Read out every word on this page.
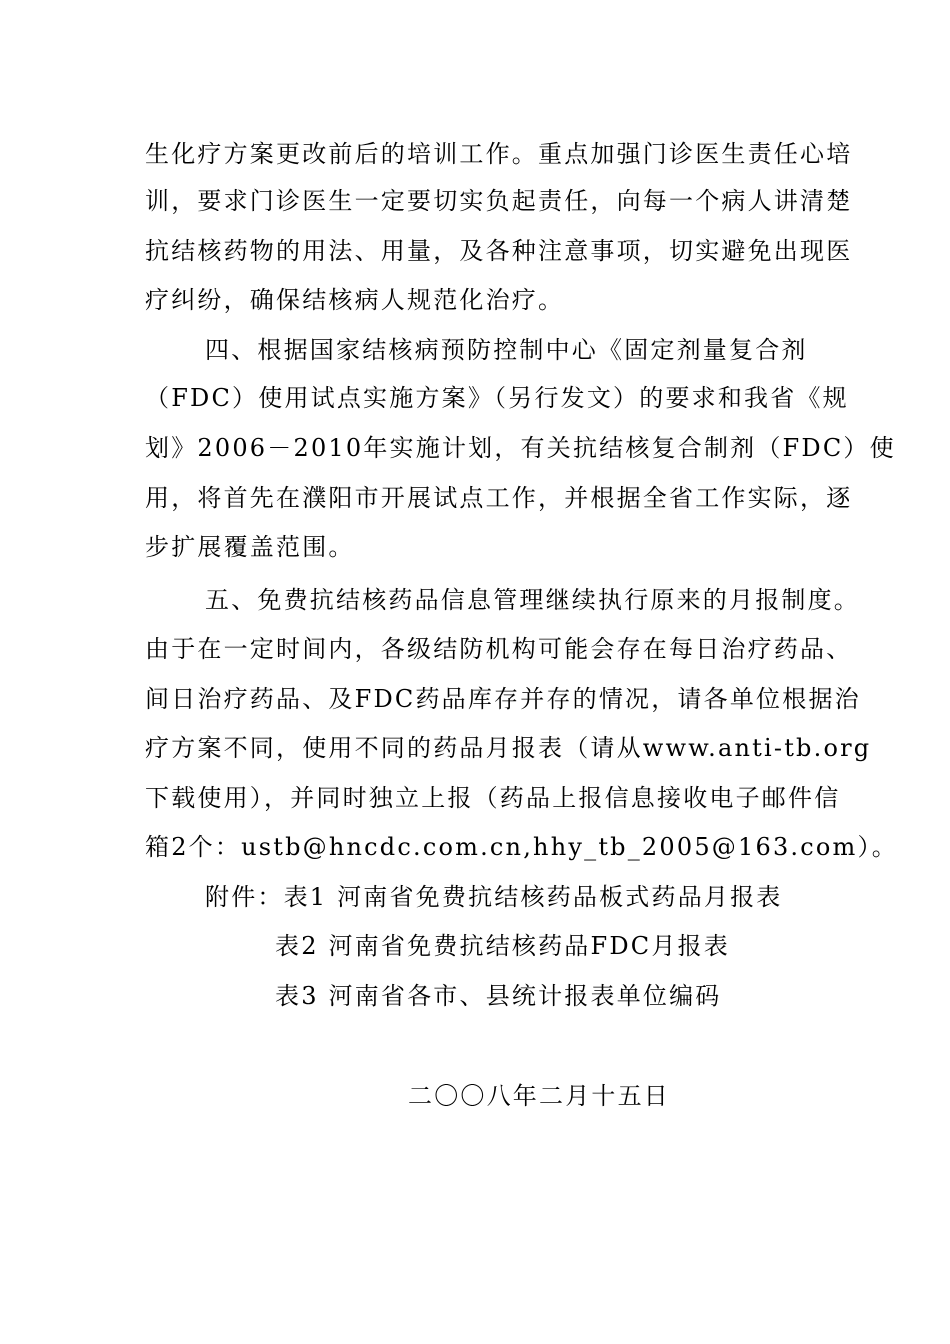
生化疗方案更改前后的培训工作。重点加强门诊医生责任心培
训，要求门诊医生一定要切实负起责任，向每一个病人讲清楚
抗结核药物的用法、用量，及各种注意事项，切实避免出现医
疗纠纷，确保结核病人规范化治疗。
四、根据国家结核病预防控制中心《固定剂量复合剂
（FDC）使用试点实施方案》（另行发文）的要求和我省《规
划》2006－2010年实施计划，有关抗结核复合制剂（FDC）使
用，将首先在濮阳市开展试点工作，并根据全省工作实际，逐
步扩展覆盖范围。
五、免费抗结核药品信息管理继续执行原来的月报制度。
由于在一定时间内，各级结防机构可能会存在每日治疗药品、
间日治疗药品、及FDC药品库存并存的情况，请各单位根据治
疗方案不同，使用不同的药品月报表（请从www.anti-tb.org
下载使用），并同时独立上报（药品上报信息接收电子邮件信
箱2个：ustb@hncdc.com.cn,hhy_tb_2005@163.com）。
附件：表1 河南省免费抗结核药品板式药品月报表
表2 河南省免费抗结核药品FDC月报表
表3 河南省各市、县统计报表单位编码
二〇〇八年二月十五日
